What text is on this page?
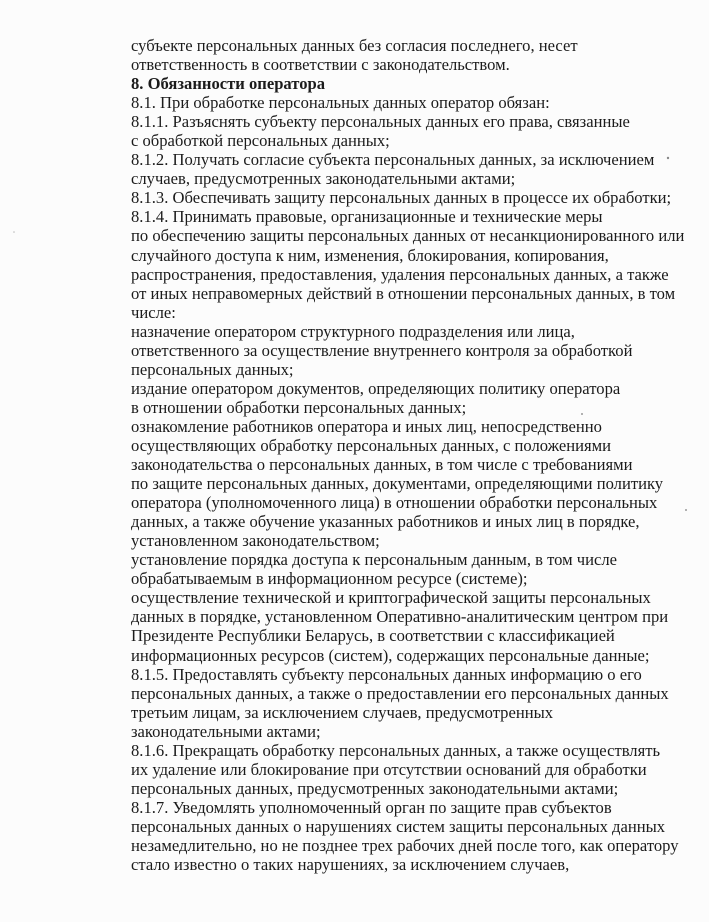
субъекте персональных данных без согласия последнего, несет
ответственность в соответствии с законодательством.
8. Обязанности оператора
8.1. При обработке персональных данных оператор обязан:
8.1.1. Разъяснять субъекту персональных данных его права, связанные
с обработкой персональных данных;
8.1.2. Получать согласие субъекта персональных данных, за исключением
случаев, предусмотренных законодательными актами;
8.1.3. Обеспечивать защиту персональных данных в процессе их обработки;
8.1.4. Принимать правовые, организационные и технические меры
по обеспечению защиты персональных данных от несанкционированного или
случайного доступа к ним, изменения, блокирования, копирования,
распространения, предоставления, удаления персональных данных, а также
от иных неправомерных действий в отношении персональных данных, в том
числе:
назначение оператором структурного подразделения или лица,
ответственного за осуществление внутреннего контроля за обработкой
персональных данных;
издание оператором документов, определяющих политику оператора
в отношении обработки персональных данных;
ознакомление работников оператора и иных лиц, непосредственно
осуществляющих обработку персональных данных, с положениями
законодательства о персональных данных, в том числе с требованиями
по защите персональных данных, документами, определяющими политику
оператора (уполномоченного лица) в отношении обработки персональных
данных, а также обучение указанных работников и иных лиц в порядке,
установленном законодательством;
установление порядка доступа к персональным данным, в том числе
обрабатываемым в информационном ресурсе (системе);
осуществление технической и криптографической защиты персональных
данных в порядке, установленном Оперативно-аналитическим центром при
Президенте Республики Беларусь, в соответствии с классификацией
информационных ресурсов (систем), содержащих персональные данные;
8.1.5. Предоставлять субъекту персональных данных информацию о его
персональных данных, а также о предоставлении его персональных данных
третьим лицам, за исключением случаев, предусмотренных
законодательными актами;
8.1.6. Прекращать обработку персональных данных, а также осуществлять
их удаление или блокирование при отсутствии оснований для обработки
персональных данных, предусмотренных законодательными актами;
8.1.7. Уведомлять уполномоченный орган по защите прав субъектов
персональных данных о нарушениях систем защиты персональных данных
незамедлительно, но не позднее трех рабочих дней после того, как оператору
стало известно о таких нарушениях, за исключением случаев,
